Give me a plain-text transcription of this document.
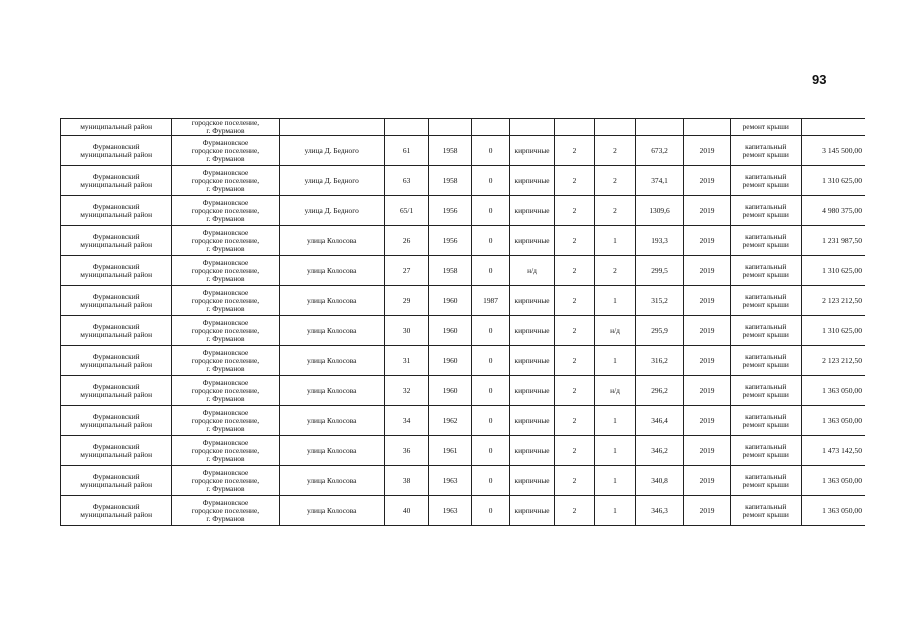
93
муниципальный район	городское поселение,
г. Фурманов										ремонт крыши	

Фурмановский
муниципальный район	Фурмановское
городское поселение,
г. Фурманов	улица Д. Бедного	61	1958	0	кирпичные	2	2	673,2	2019	капитальный
ремонт крыши	3 145 500,00

Фурмановский
муниципальный район	Фурмановское
городское поселение,
г. Фурманов	улица Д. Бедного	63	1958	0	кирпичные	2	2	374,1	2019	капитальный
ремонт крыши	1 310 625,00

Фурмановский
муниципальный район	Фурмановское
городское поселение,
г. Фурманов	улица Д. Бедного	65/1	1956	0	кирпичные	2	2	1309,6	2019	капитальный
ремонт крыши	4 980 375,00

Фурмановский
муниципальный район	Фурмановское
городское поселение,
г. Фурманов	улица Колосова	26	1956	0	кирпичные	2	1	193,3	2019	капитальный
ремонт крыши	1 231 987,50

Фурмановский
муниципальный район	Фурмановское
городское поселение,
г. Фурманов	улица Колосова	27	1958	0	н/д	2	2	299,5	2019	капитальный
ремонт крыши	1 310 625,00

Фурмановский
муниципальный район	Фурмановское
городское поселение,
г. Фурманов	улица Колосова	29	1960	1987	кирпичные	2	1	315,2	2019	капитальный
ремонт крыши	2 123 212,50

Фурмановский
муниципальный район	Фурмановское
городское поселение,
г. Фурманов	улица Колосова	30	1960	0	кирпичные	2	н/д	295,9	2019	капитальный
ремонт крыши	1 310 625,00

Фурмановский
муниципальный район	Фурмановское
городское поселение,
г. Фурманов	улица Колосова	31	1960	0	кирпичные	2	1	316,2	2019	капитальный
ремонт крыши	2 123 212,50

Фурмановский
муниципальный район	Фурмановское
городское поселение,
г. Фурманов	улица Колосова	32	1960	0	кирпичные	2	н/д	296,2	2019	капитальный
ремонт крыши	1 363 050,00

Фурмановский
муниципальный район	Фурмановское
городское поселение,
г. Фурманов	улица Колосова	34	1962	0	кирпичные	2	1	346,4	2019	капитальный
ремонт крыши	1 363 050,00

Фурмановский
муниципальный район	Фурмановское
городское поселение,
г. Фурманов	улица Колосова	36	1961	0	кирпичные	2	1	346,2	2019	капитальный
ремонт крыши	1 473 142,50

Фурмановский
муниципальный район	Фурмановское
городское поселение,
г. Фурманов	улица Колосова	38	1963	0	кирпичные	2	1	340,8	2019	капитальный
ремонт крыши	1 363 050,00

Фурмановский
муниципальный район	Фурмановское
городское поселение,
г. Фурманов	улица Колосова	40	1963	0	кирпичные	2	1	346,3	2019	капитальный
ремонт крыши	1 363 050,00
